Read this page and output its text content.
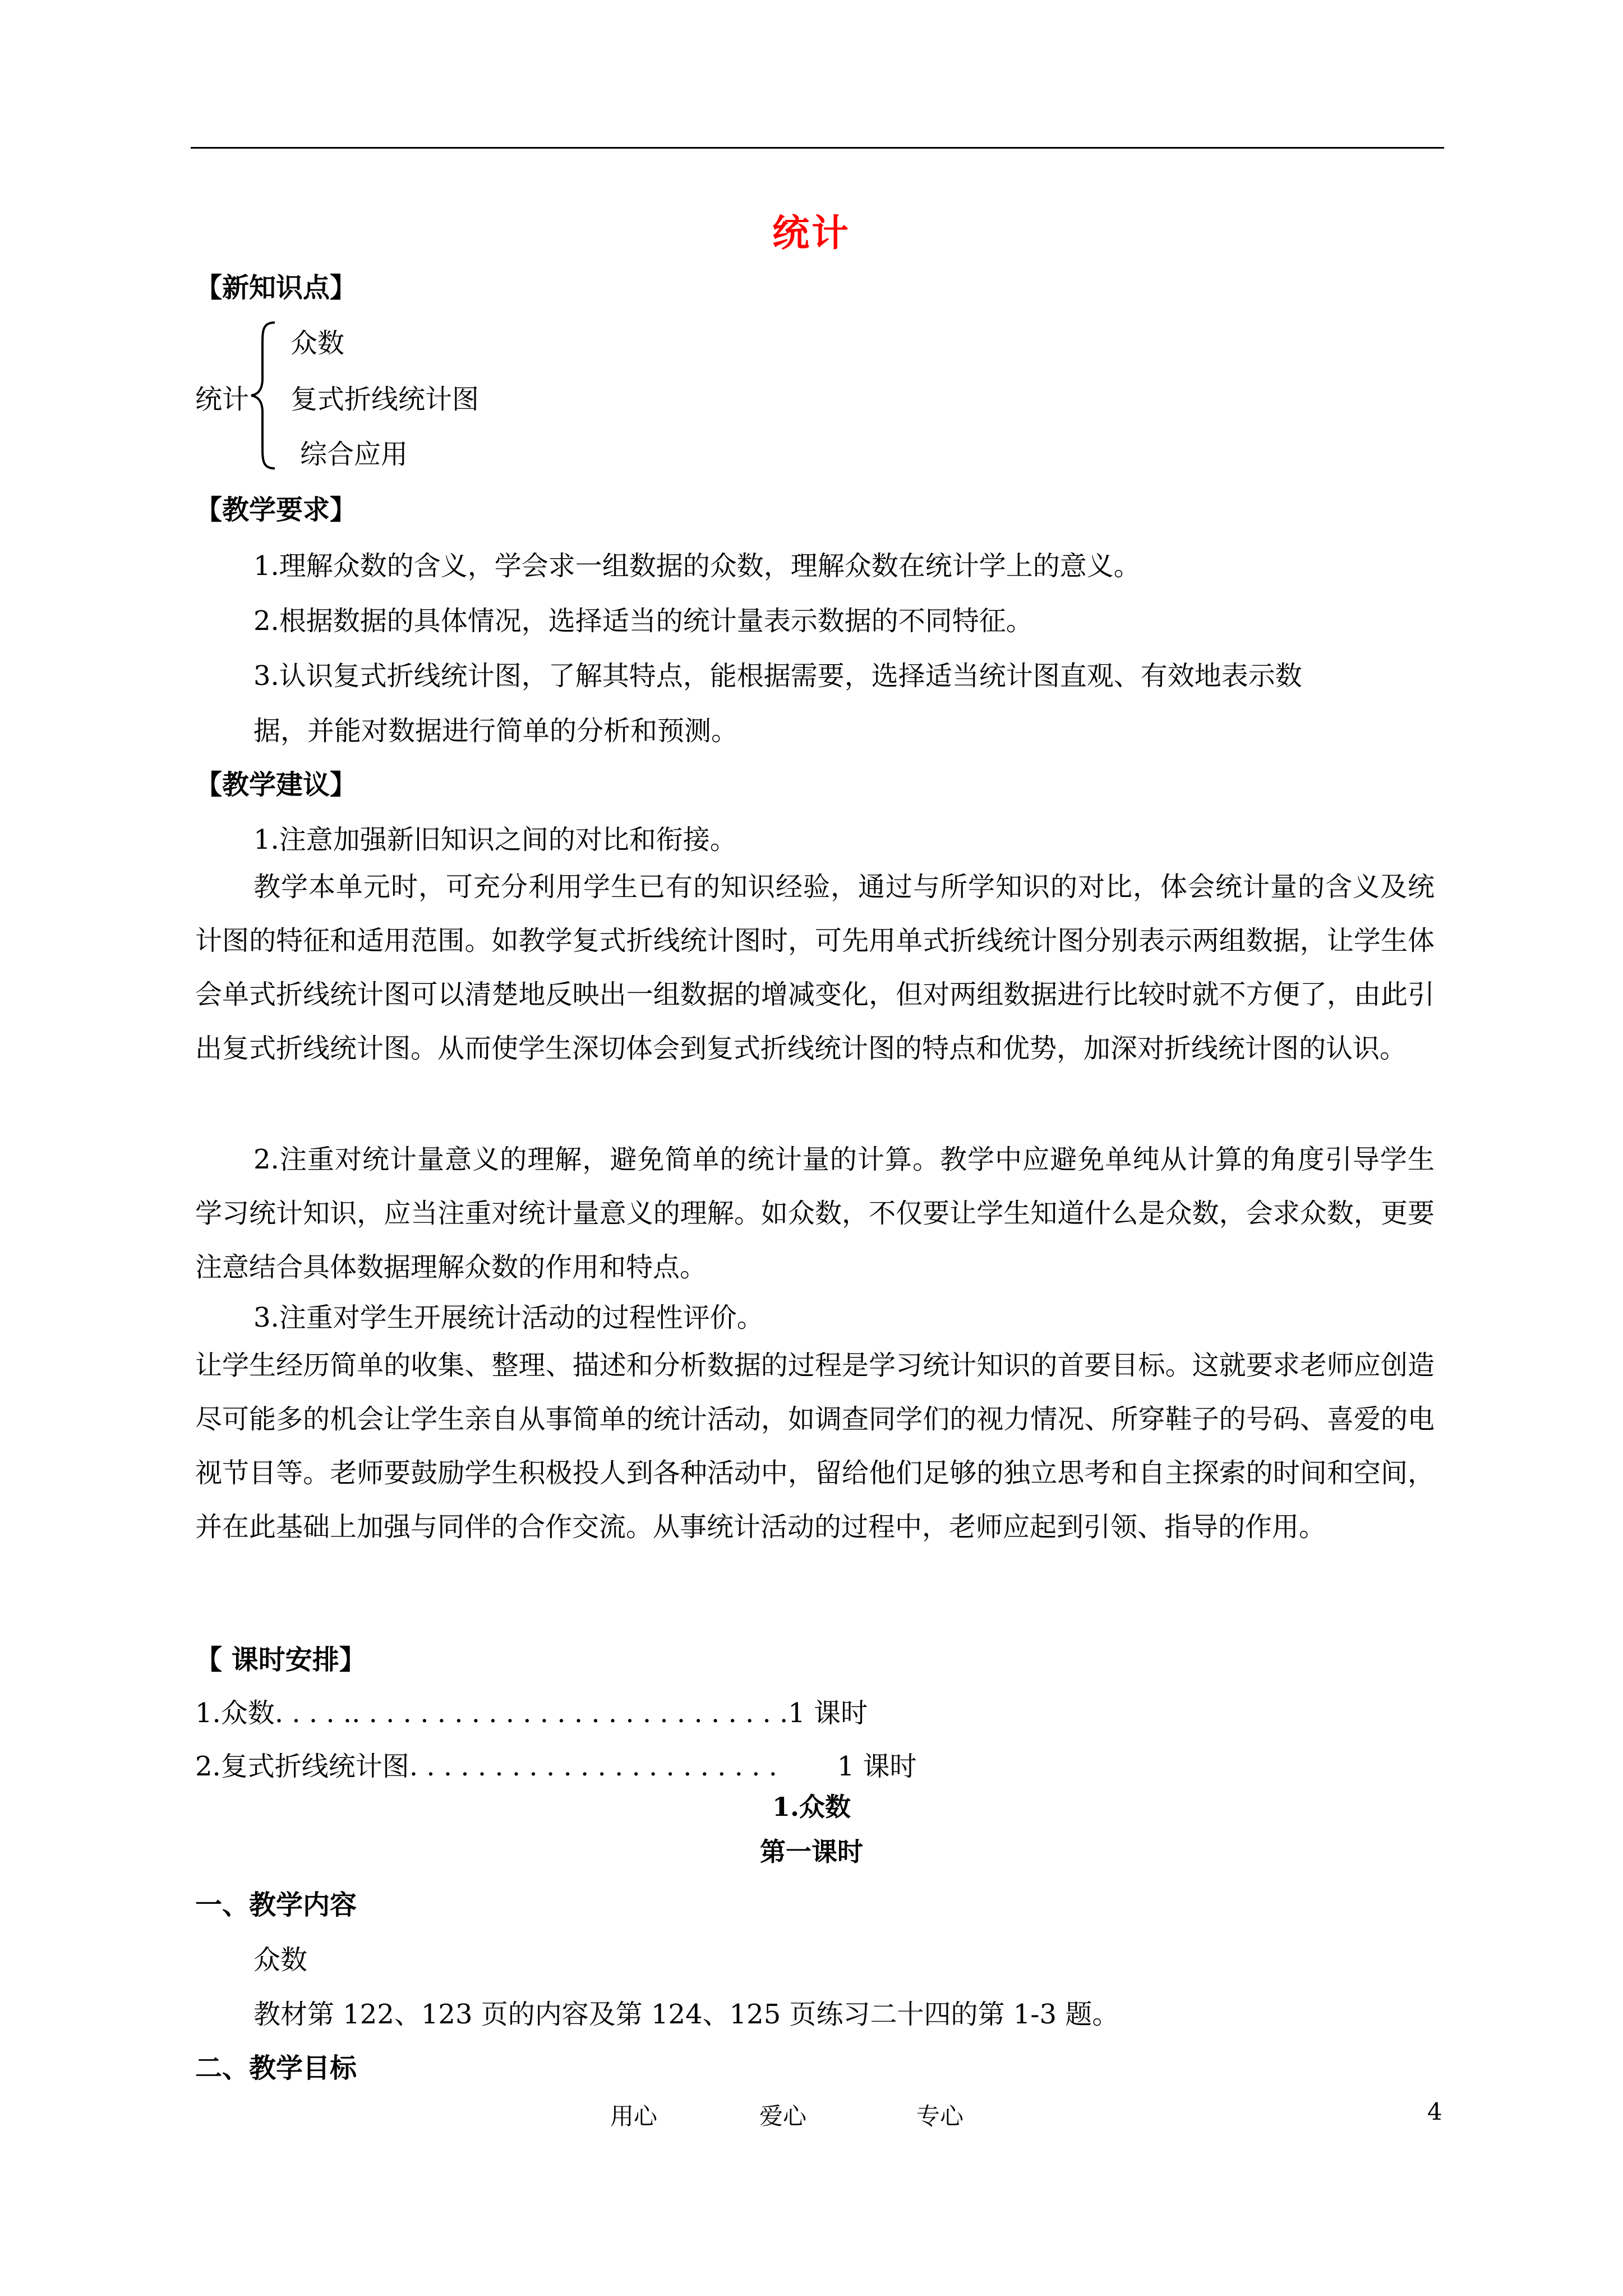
统计
【新知识点】
统计
众数
复式折线统计图
综合应用
【教学要求】
1.理解众数的含义，学会求一组数据的众数，理解众数在统计学上的意义。
2.根据数据的具体情况，选择适当的统计量表示数据的不同特征。
3.认识复式折线统计图，了解其特点，能根据需要，选择适当统计图直观、有效地表示数
据，并能对数据进行简单的分析和预测。
【教学建议】
1.注意加强新旧知识之间的对比和衔接。
教学本单元时，可充分利用学生已有的知识经验，通过与所学知识的对比，体会统计量的含义及统计图的特征和适用范围。如教学复式折线统计图时，可先用单式折线统计图分别表示两组数据，让学生体会单式折线统计图可以清楚地反映出一组数据的增减变化，但对两组数据进行比较时就不方便了，由此引出复式折线统计图。从而使学生深切体会到复式折线统计图的特点和优势，加深对折线统计图的认识。
2.注重对统计量意义的理解，避免简单的统计量的计算。教学中应避免单纯从计算的角度引导学生学习统计知识，应当注重对统计量意义的理解。如众数，不仅要让学生知道什么是众数，会求众数，更要注意结合具体数据理解众数的作用和特点。
3.注重对学生开展统计活动的过程性评价。
让学生经历简单的收集、整理、描述和分析数据的过程是学习统计知识的首要目标。这就要求老师应创造尽可能多的机会让学生亲自从事简单的统计活动，如调查同学们的视力情况、所穿鞋子的号码、喜爱的电视节目等。老师要鼓励学生积极投人到各种活动中，留给他们足够的独立思考和自主探索的时间和空间，并在此基础上加强与同伴的合作交流。从事统计活动的过程中，老师应起到引领、指导的作用。
【 课时安排】
1.众数. . . . .. . . . . . . . . . . . . . . . . . . . . . . . . .1 课时
2.复式折线统计图. . . . . . . . . . . . . . . . . . . . . . 1 课时
1.众数
第一课时
一、教学内容
众数
教材第 122、123 页的内容及第 124、125 页练习二十四的第 1-3 题。
二、教学目标
用心	爱心	专心	4
